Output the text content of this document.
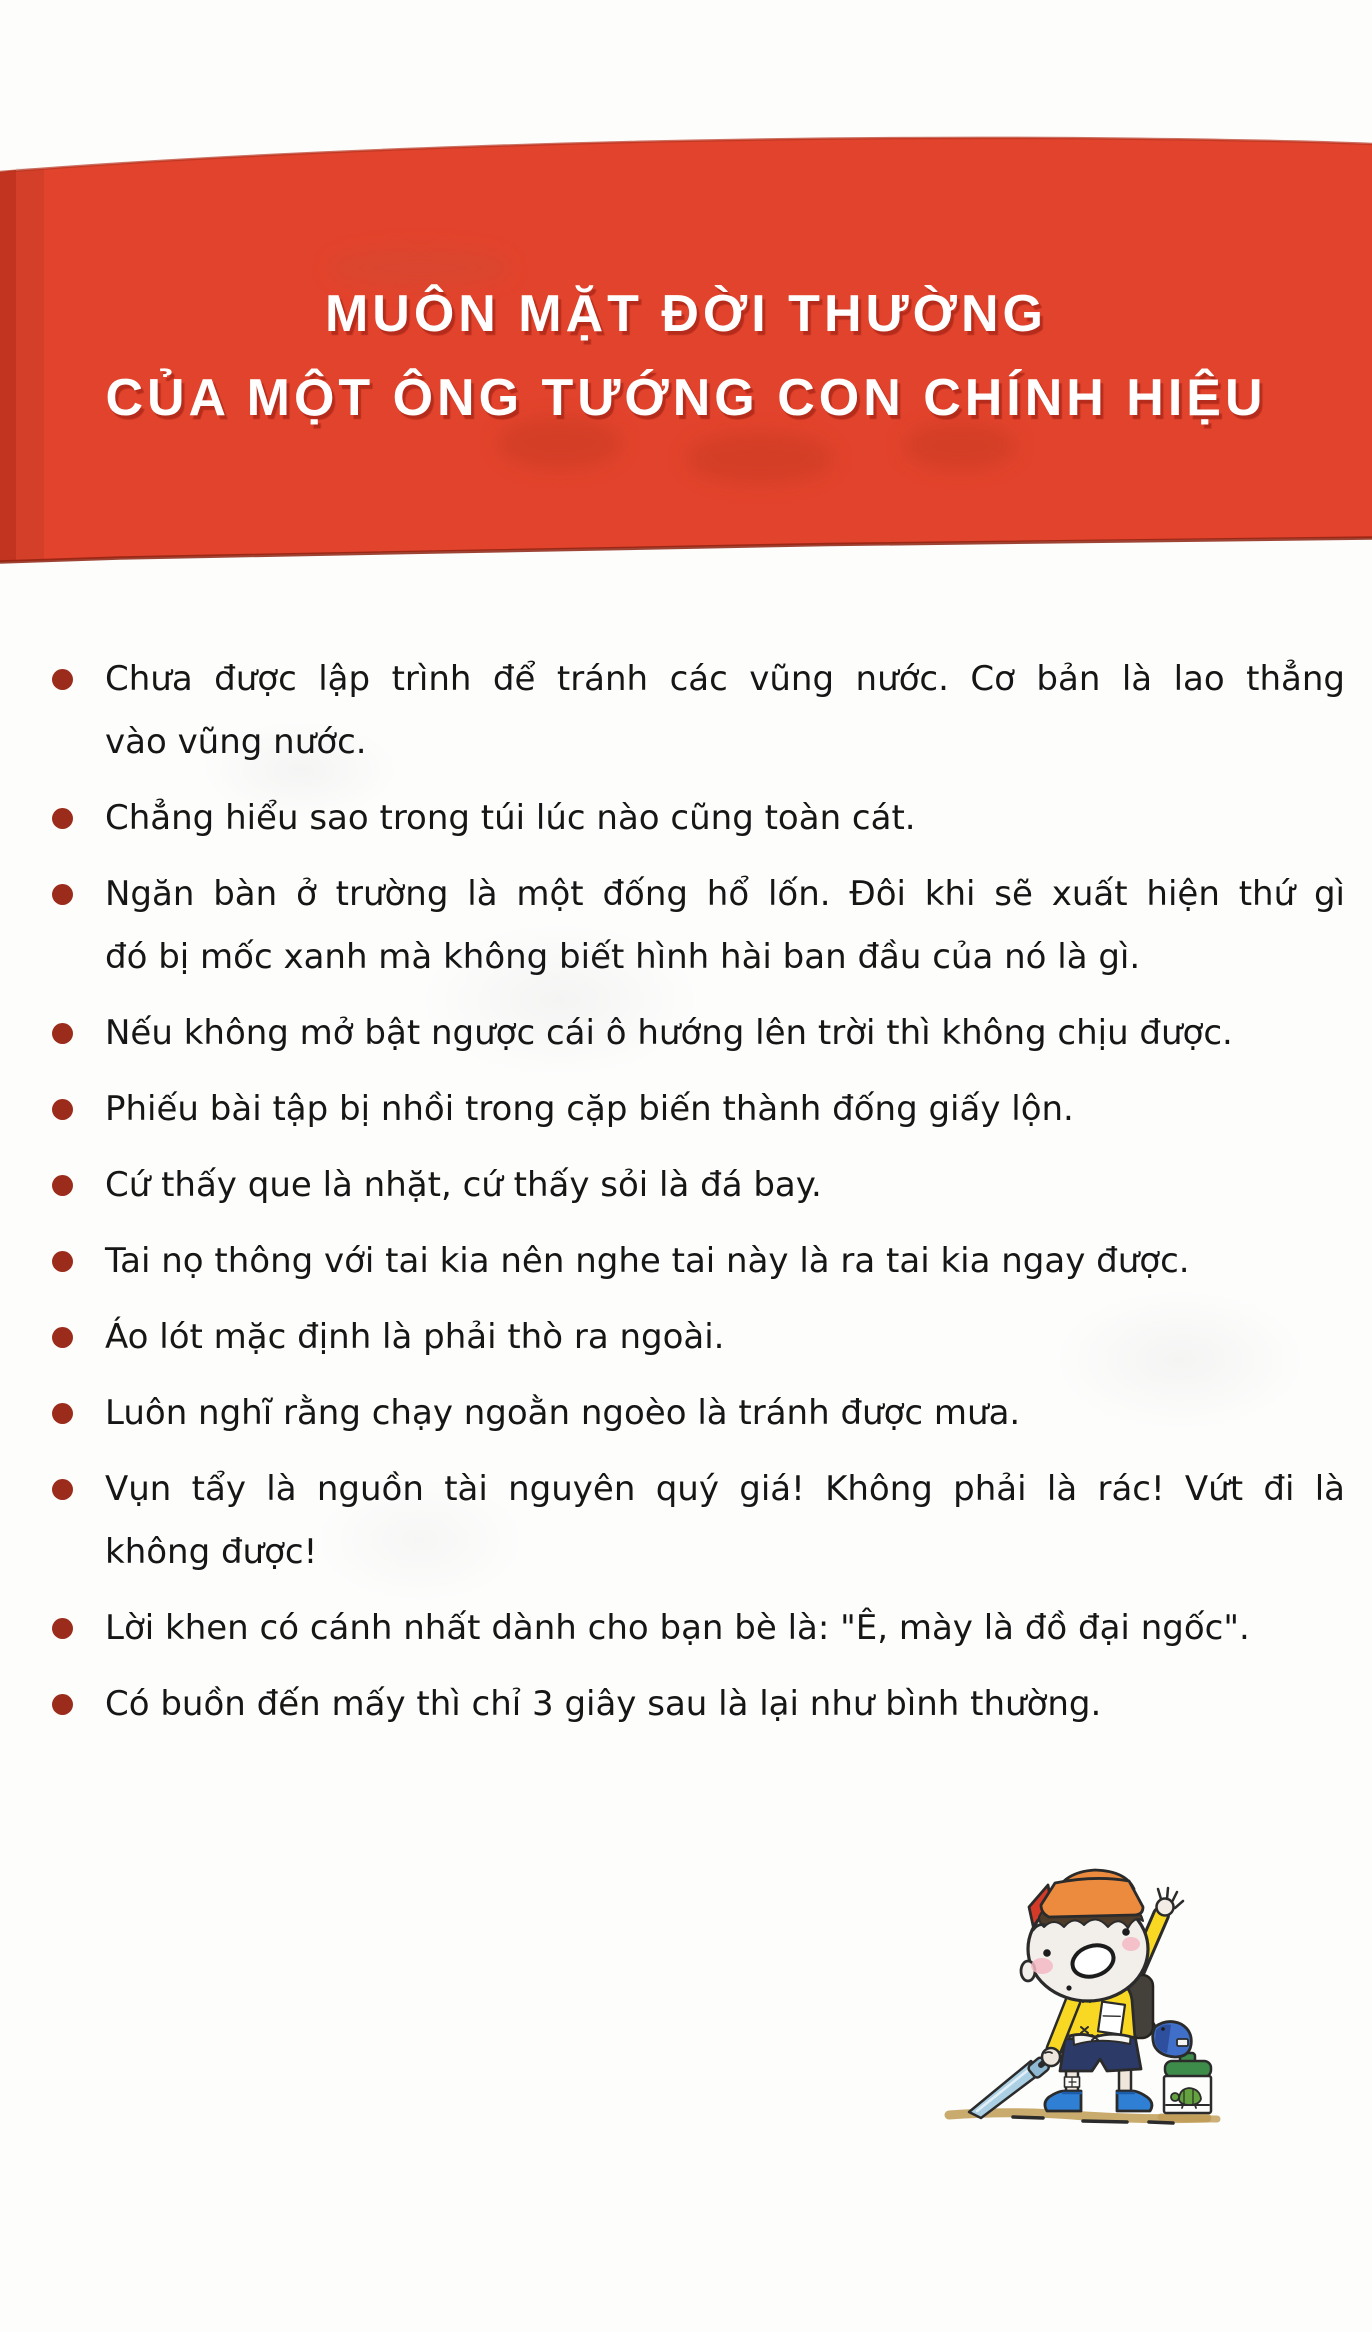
MUÔN MẶT ĐỜI THƯỜNG
CỦA MỘT ÔNG TƯỚNG CON CHÍNH HIỆU
Chưa được lập trình để tránh các vũng nước. Cơ bản là lao thẳng
vào vũng nước.
Chẳng hiểu sao trong túi lúc nào cũng toàn cát.
Ngăn bàn ở trường là một đống hổ lốn. Đôi khi sẽ xuất hiện thứ gì
đó bị mốc xanh mà không biết hình hài ban đầu của nó là gì.
Nếu không mở bật ngược cái ô hướng lên trời thì không chịu được.
Phiếu bài tập bị nhồi trong cặp biến thành đống giấy lộn.
Cứ thấy que là nhặt, cứ thấy sỏi là đá bay.
Tai nọ thông với tai kia nên nghe tai này là ra tai kia ngay được.
Áo lót mặc định là phải thò ra ngoài.
Luôn nghĩ rằng chạy ngoằn ngoèo là tránh được mưa.
Vụn tẩy là nguồn tài nguyên quý giá! Không phải là rác! Vứt đi là
không được!
Lời khen có cánh nhất dành cho bạn bè là: "Ê, mày là đồ đại ngốc".
Có buồn đến mấy thì chỉ 3 giây sau là lại như bình thường.
